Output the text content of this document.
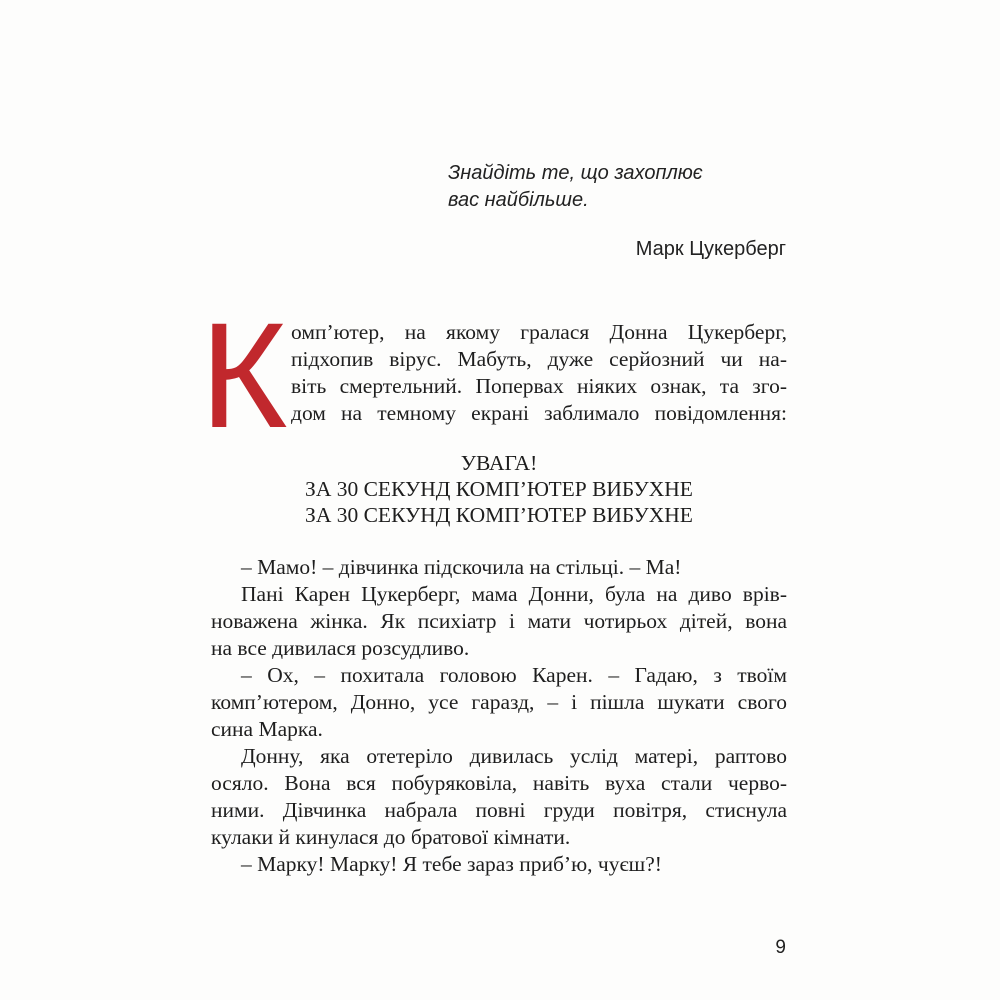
Знайдіть те, що захоплює
вас найбільше.
Марк Цукерберг
К омп’ютер, на якому гралася Донна Цукерберг,
підхопив вірус. Мабуть, дуже серйозний чи на-
віть смертельний. Поперваx ніяких ознак, та зго-
дом на темному екрані заблимало повідомлення:
УВАГА!
ЗА 30 СЕКУНД КОМП’ЮТЕР ВИБУХНЕ
ЗА 30 СЕКУНД КОМП’ЮТЕР ВИБУХНЕ
– Мамо! – дівчинка підскочила на стільці. – Ма!
Пані Карен Цукерберг, мама Донни, була на диво врів-
новажена жінка. Як психіатр і мати чотирьох дітей, вона
на все дивилася розсудливо.
– Ох, – похитала головою Карен. – Гадаю, з твоїм
комп’ютером, Донно, усе гаразд, – і пішла шукати свого
сина Марка.
Донну, яка отетеріло дивилась услід матері, раптово
осяло. Вона вся побуряковіла, навіть вуха стали черво-
ними. Дівчинка набрала повні груди повітря, стиснула
кулаки й кинулася до братової кімнати.
– Марку! Марку! Я тебе зараз приб’ю, чуєш?!
9
